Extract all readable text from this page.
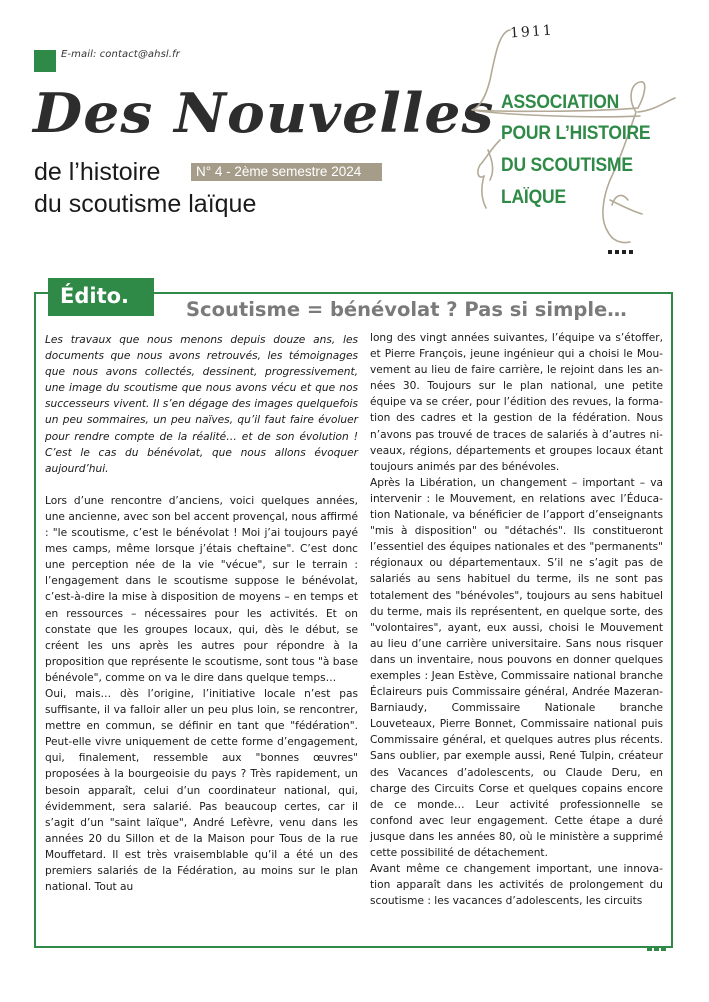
E-mail: contact@ahsl.fr
Des Nouvelles
de l’histoire
du scoutisme laïque
N° 4 - 2ème semestre 2024
1911
ASSOCIATION
POUR L’HISTOIRE
DU SCOUTISME
LAÏQUE
Édito.
Scoutisme = bénévolat ? Pas si simple…

Les travaux que nous menons depuis douze ans, les documents que nous avons retrouvés, les témoignages que nous avons collectés, dessinent, progressivement, une image du scoutisme que nous avons vécu et que nos successeurs vivent. Il s’en dégage des images quelquefois un peu sommaires, un peu naïves, qu’il faut faire évoluer pour rendre compte de la réalité… et de son évolution ! C’est le cas du bénévolat, que nous allons évoquer aujourd’hui.

Lors d’une rencontre d’anciens, voici quelques années, une ancienne, avec son bel accent provençal, nous affirmé : "le scoutisme, c’est le bénévolat ! Moi j’ai toujours payé mes camps, même lorsque j’étais cheftaine". C’est donc une perception née de la vie "vécue", sur le terrain : l’engagement dans le scoutisme suppose le bénévolat, c’est-à-dire la mise à disposition de moyens – en temps et en ressources – nécessaires pour les activités. Et on constate que les groupes locaux, qui, dès le début, se créent les uns après les autres pour répondre à la proposition que représente le scoutisme, sont tous "à base bénévole", comme on va le dire dans quelque temps…

Oui, mais… dès l’origine, l’initiative locale n’est pas suffisante, il va falloir aller un peu plus loin, se rencontrer, mettre en commun, se définir en tant que "fédération". Peut-elle vivre uniquement de cette forme d’engagement, qui, finalement, ressemble aux "bonnes œuvres" proposées à la bourgeoisie du pays ? Très rapidement, un besoin apparaît, celui d’un coordinateur national, qui, évidemment, sera salarié. Pas beaucoup certes, car il s’agit d’un "saint laïque", André Lefèvre, venu dans les années 20 du Sillon et de la Maison pour Tous de la rue Mouffetard. Il est très vraisemblable qu’il a été un des premiers salariés de la Fédération, au moins sur le plan national. Tout au

long des vingt années suivantes, l’équipe va s’étoffer, et Pierre François, jeune ingénieur qui a choisi le Mouvement au lieu de faire carrière, le rejoint dans les années 30. Toujours sur le plan national, une petite équipe va se créer, pour l’édition des revues, la formation des cadres et la gestion de la fédération. Nous n’avons pas trouvé de traces de salariés à d’autres niveaux, régions, départements et groupes locaux étant toujours animés par des bénévoles.

Après la Libération, un changement – important – va intervenir : le Mouvement, en relations avec l’Éducation Nationale, va bénéficier de l’apport d’enseignants "mis à disposition" ou "détachés". Ils constitueront l’essentiel des équipes nationales et des "permanents" régionaux ou départementaux. S’il ne s’agit pas de salariés au sens habituel du terme, ils ne sont pas totalement des "bénévoles", toujours au sens habituel du terme, mais ils représentent, en quelque sorte, des "volontaires", ayant, eux aussi, choisi le Mouvement au lieu d’une carrière universitaire. Sans nous risquer dans un inventaire, nous pouvons en donner quelques exemples : Jean Estève, Commissaire national branche Éclaireurs puis Commissaire général, Andrée Mazeran-Barniaudy, Commissaire Nationale branche Louveteaux, Pierre Bonnet, Commissaire national puis Commissaire général, et quelques autres plus récents. Sans oublier, par exemple aussi, René Tulpin, créateur des Vacances d’adolescents, ou Claude Deru, en charge des Circuits Corse et quelques copains encore de ce monde… Leur activité professionnelle se confond avec leur engagement. Cette étape a duré jusque dans les années 80, où le ministère a supprimé cette possibilité de détachement.

Avant même ce changement important, une innovation apparaît dans les activités de prolongement du scoutisme : les vacances d’adolescents, les circuits
